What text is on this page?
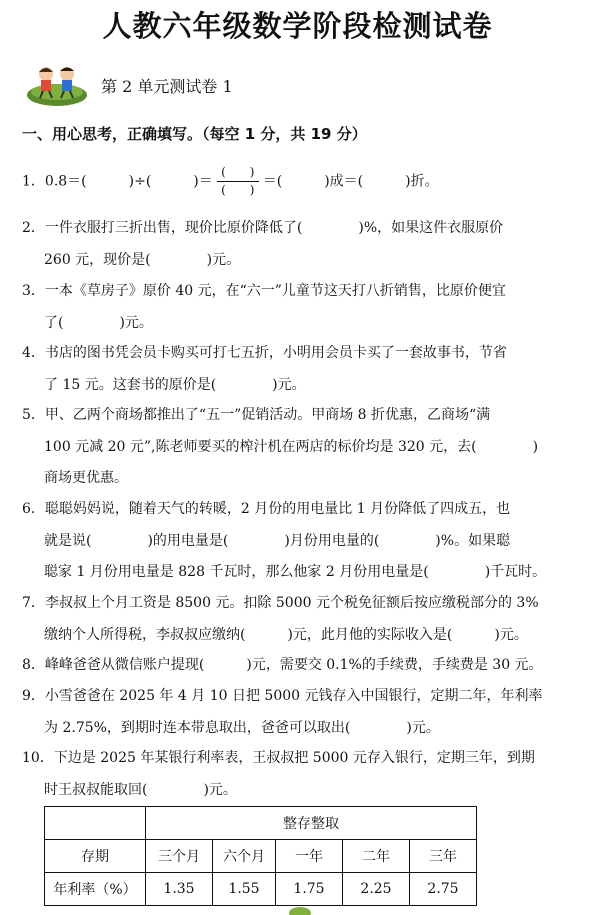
人教六年级数学阶段检测试卷
第 2 单元测试卷 1
一、用心思考，正确填写。（每空 1 分，共 19 分）
1．0.8＝(　　　)÷(　　　)＝ $\frac{( )}{( )}$ ＝(　　　)成＝(　　　)折。
2．一件衣服打三折出售，现价比原价降低了(　　　　)%，如果这件衣服原价
260 元，现价是(　　　　)元。
3．一本《草房子》原价 40 元，在“六一”儿童节这天打八折销售，比原价便宜
了(　　　　)元。
4．书店的图书凭会员卡购买可打七五折，小明用会员卡买了一套故事书，节省
了 15 元。这套书的原价是(　　　　)元。
5．甲、乙两个商场都推出了“五一”促销活动。甲商场 8 折优惠，乙商场“满
100 元减 20 元”,陈老师要买的榨汁机在两店的标价均是 320 元，去(　　　　)
商场更优惠。
6．聪聪妈妈说，随着天气的转暖，2 月份的用电量比 1 月份降低了四成五，也
就是说(　　　　)的用电量是(　　　　)月份用电量的(　　　　)%。如果聪
聪家 1 月份用电量是 828 千瓦时，那么他家 2 月份用电量是(　　　　)千瓦时。
7．李叔叔上个月工资是 8500 元。扣除 5000 元个税免征额后按应缴税部分的 3%
缴纳个人所得税，李叔叔应缴纳(　　　)元，此月他的实际收入是(　　　)元。
8．峰峰爸爸从微信账户提现(　　　)元，需要交 0.1%的手续费，手续费是 30 元。
9．小雪爸爸在 2025 年 4 月 10 日把 5000 元钱存入中国银行，定期二年，年利率
为 2.75%，到期时连本带息取出，爸爸可以取出(　　　　)元。
10．下边是 2025 年某银行利率表，王叔叔把 5000 元存入银行，定期三年，到期
时王叔叔能取回(　　　　)元。
	整存整取				
存期	三个月	六个月	一年	二年	三年
年利率（%）	1.35	1.55	1.75	2.25	2.75
